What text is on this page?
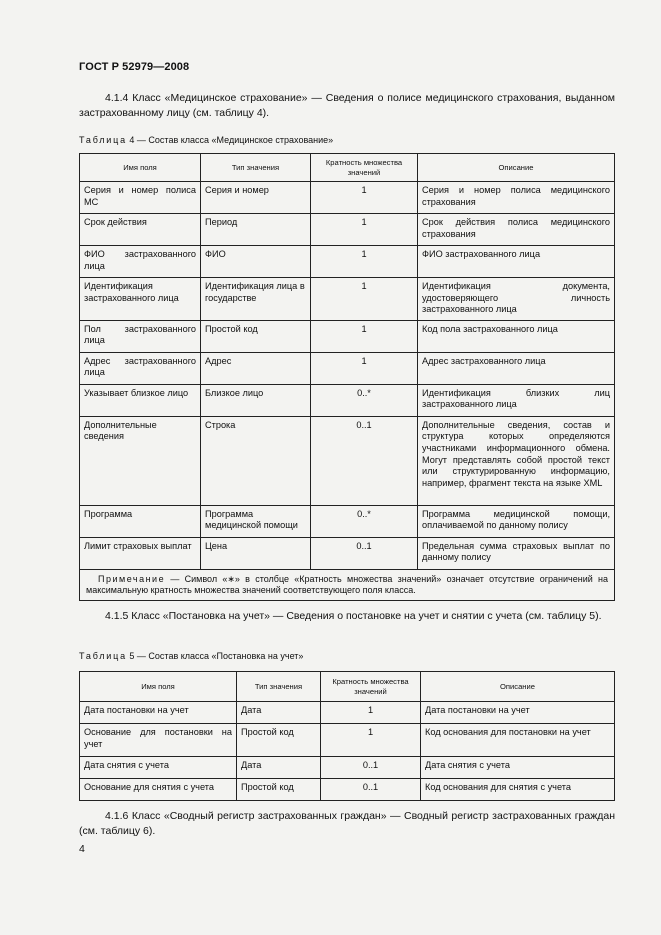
ГОСТ Р 52979—2008
4.1.4 Класс «Медицинское страхование» — Сведения о полисе медицинского страхования, выданном застрахованному лицу (см. таблицу 4).
Таблица 4 — Состав класса «Медицинское страхование»
Имя поля	Тип значения	Кратность множества значений	Описание
Серия и номер полиса МС	Серия и номер	1	Серия и номер полиса медицинского страхования
Срок действия	Период	1	Срок действия полиса медицинского страхования
ФИО застрахованного лица	ФИО	1	ФИО застрахованного лица
Идентификация застрахованного лица	Идентификация лица в государстве	1	Идентификация документа, удостоверяющего личность застрахованного лица
Пол застрахованного лица	Простой код	1	Код пола застрахованного лица
Адрес застрахованного лица	Адрес	1	Адрес застрахованного лица
Указывает близкое лицо	Близкое лицо	0..*	Идентификация близких лиц застрахованного лица
Дополнительные сведения	Строка	0..1	Дополнительные сведения, состав и структура которых определяются участниками информационного обмена. Могут представлять собой простой текст или структурированную информацию, например, фрагмент текста на языке XML
Программа	Программа медицинской помощи	0..*	Программа медицинской помощи, оплачиваемой по данному полису
Лимит страховых выплат	Цена	0..1	Предельная сумма страховых выплат по данному полису
Примечание — Символ «∗» в столбце «Кратность множества значений» означает отсутствие ограничений на максимальную кратность множества значений соответствующего поля класса.			
4.1.5 Класс «Постановка на учет» — Сведения о постановке на учет и снятии с учета (см. таблицу 5).
Таблица 5 — Состав класса «Постановка на учет»
Имя поля	Тип значения	Кратность множества значений	Описание
Дата постановки на учет	Дата	1	Дата постановки на учет
Основание для постановки на учет	Простой код	1	Код основания для постановки на учет
Дата снятия с учета	Дата	0..1	Дата снятия с учета
Основание для снятия с учета	Простой код	0..1	Код основания для снятия с учета
4.1.6 Класс «Сводный регистр застрахованных граждан» — Сводный регистр застрахованных граждан (см. таблицу 6).
4
